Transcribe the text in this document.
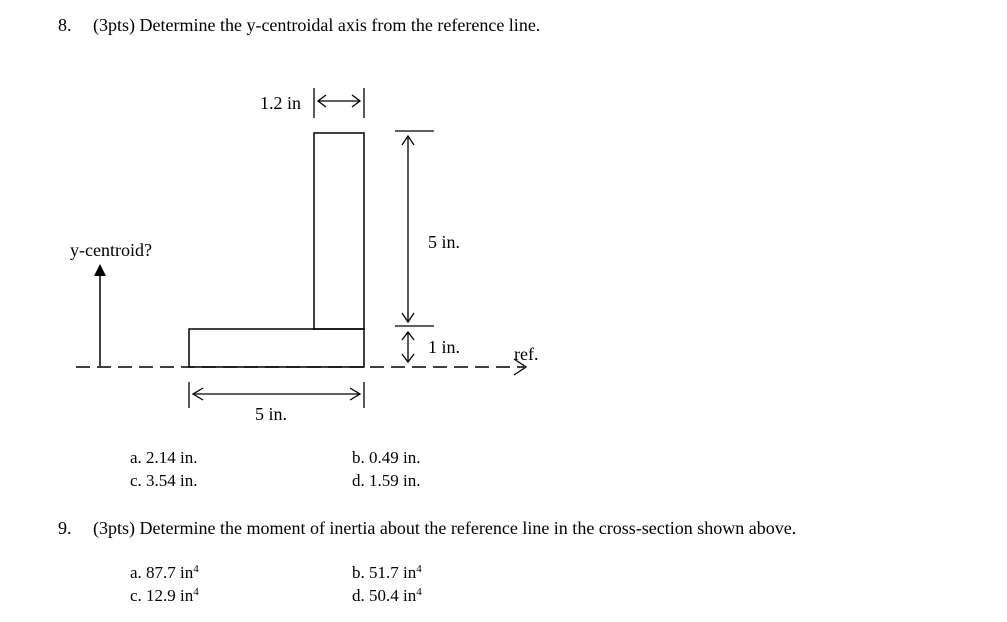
8. (3pts) Determine the y-centroidal axis from the reference line.
1.2 in
5 in.
1 in.
5 in.
y-centroid?
ref.
a. 2.14 in.	b. 0.49 in.
c. 3.54 in.	d. 1.59 in.
9. (3pts) Determine the moment of inertia about the reference line in the cross-section shown above.
a. 87.7 $in^4$	b. 51.7 $in^4$
c. 12.9 $in^4$	d. 50.4 $in^4$
